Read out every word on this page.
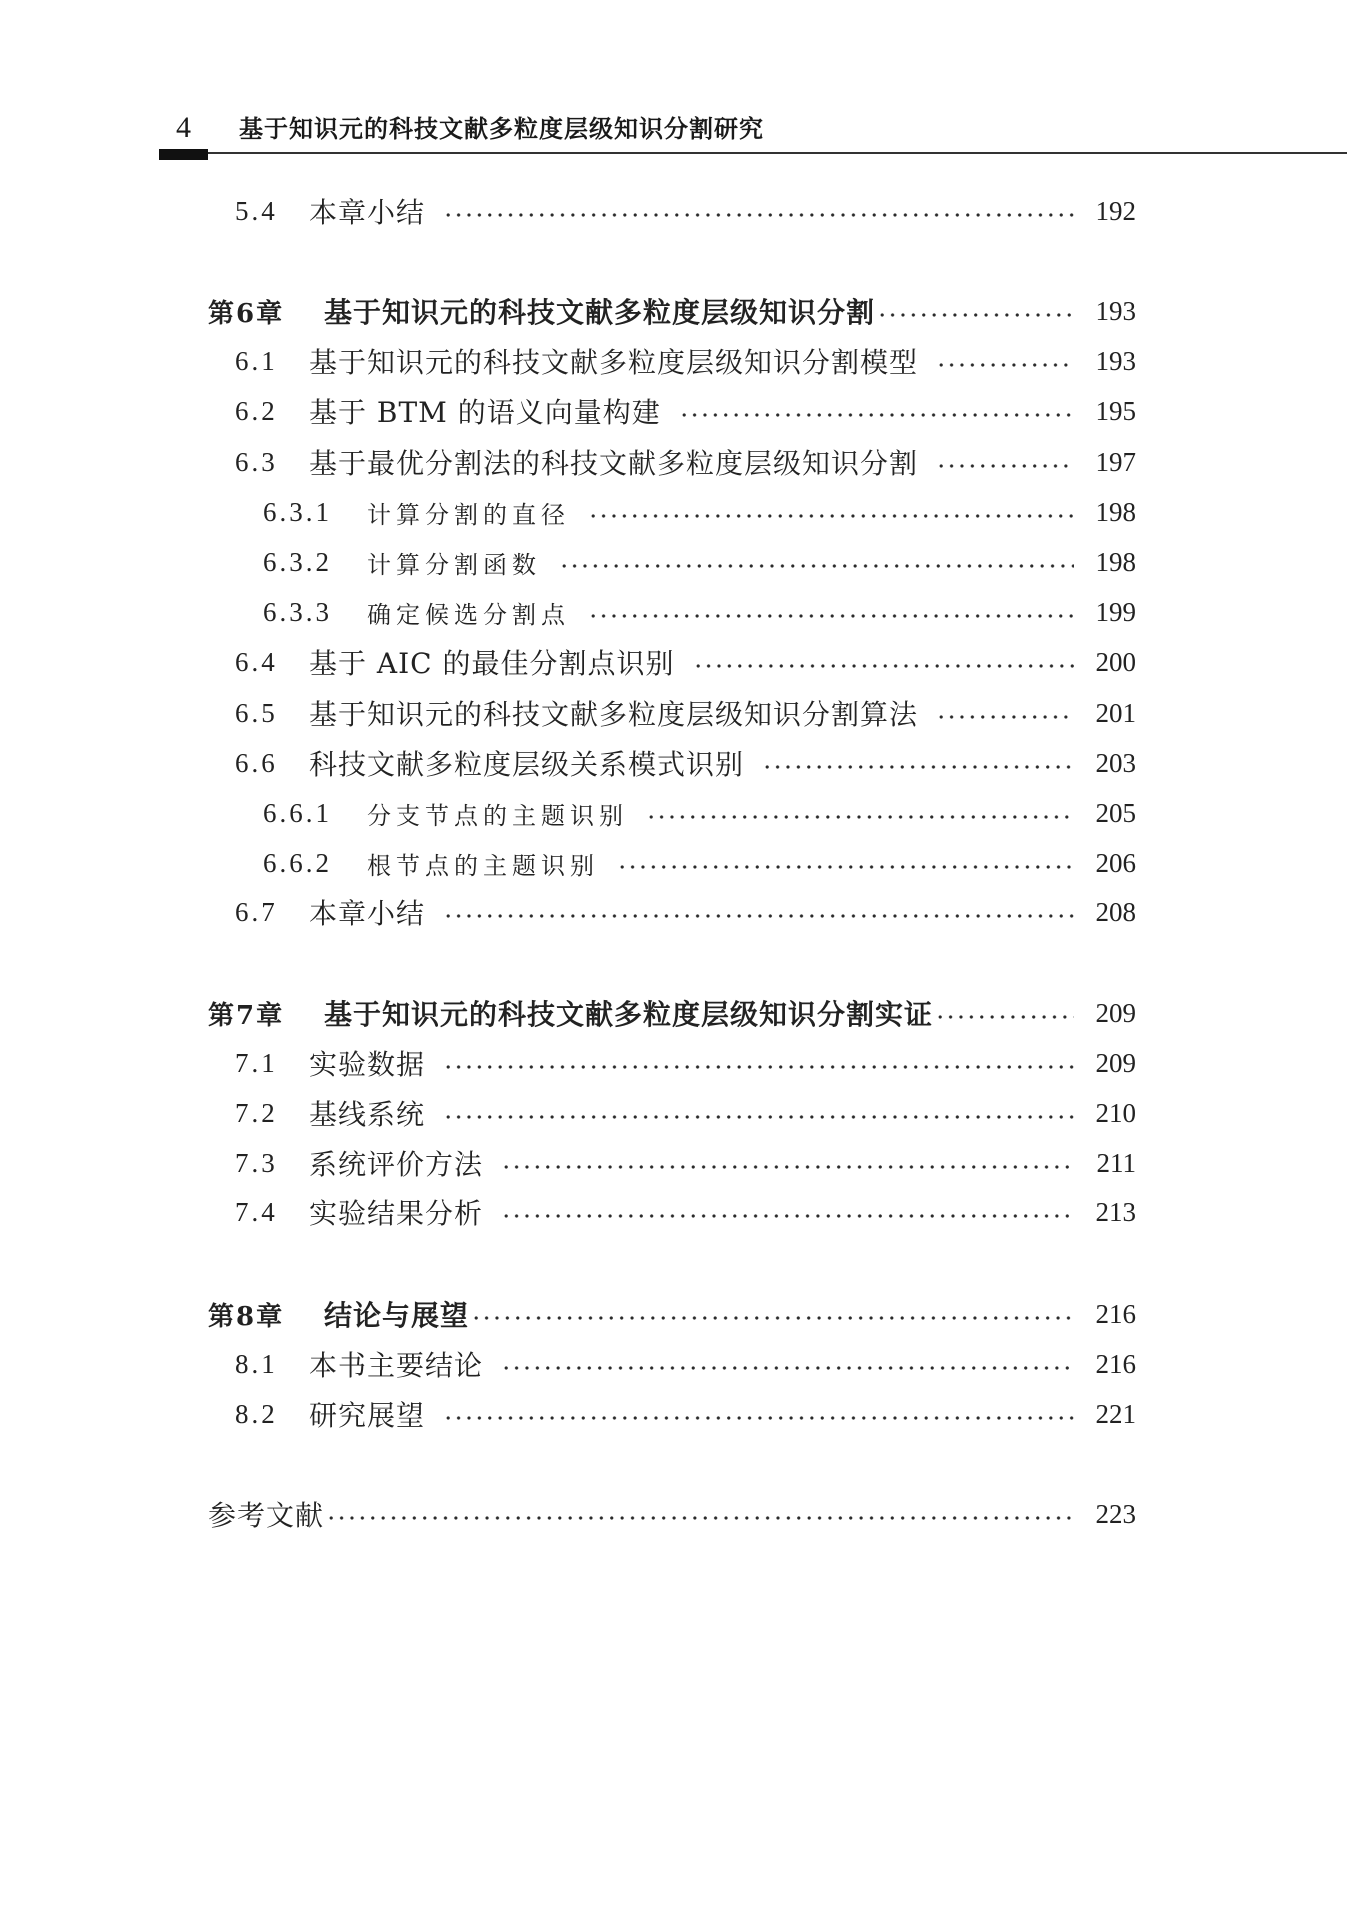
4 基于知识元的科技文献多粒度层级知识分割研究
5.4	本章小结	192
第6章	基于知识元的科技文献多粒度层级知识分割	193
6.1	基于知识元的科技文献多粒度层级知识分割模型	193
6.2	基于 BTM 的语义向量构建	195
6.3	基于最优分割法的科技文献多粒度层级知识分割	197
6.3.1	计算分割的直径	198
6.3.2	计算分割函数	198
6.3.3	确定候选分割点	199
6.4	基于 AIC 的最佳分割点识别	200
6.5	基于知识元的科技文献多粒度层级知识分割算法	201
6.6	科技文献多粒度层级关系模式识别	203
6.6.1	分支节点的主题识别	205
6.6.2	根节点的主题识别	206
6.7	本章小结	208
第7章	基于知识元的科技文献多粒度层级知识分割实证	209
7.1	实验数据	209
7.2	基线系统	210
7.3	系统评价方法	211
7.4	实验结果分析	213
第8章	结论与展望	216
8.1	本书主要结论	216
8.2	研究展望	221
参考文献	223
